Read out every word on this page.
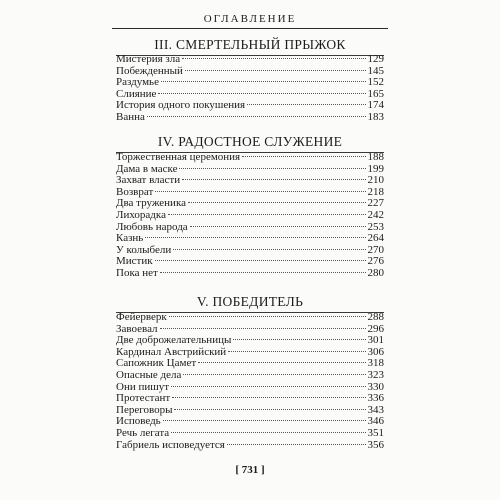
ОГЛАВЛЕНИЕ
III. СМЕРТЕЛЬНЫЙ ПРЫЖОК
Мистерия зла	129
Побежденный	145
Раздумье	152
Слияние	165
История одного покушения	174
Ванна	183
IV. РАДОСТНОЕ СЛУЖЕНИЕ
Торжественная церемония	188
Дама в маске	199
Захват власти	210
Возврат	218
Два труженика	227
Лихорадка	242
Любовь народа	253
Казнь	264
У колыбели	270
Мистик	276
Пока нет	280
V. ПОБЕДИТЕЛЬ
Фейерверк	288
Завоевал	296
Две доброжелательницы	301
Кардинал Австрийский	306
Сапожник Цамет	318
Опасные дела	323
Они пишут	330
Протестант	336
Переговоры	343
Исповедь	346
Речь легата	351
Габриель исповедуется	356
[ 731 ]
